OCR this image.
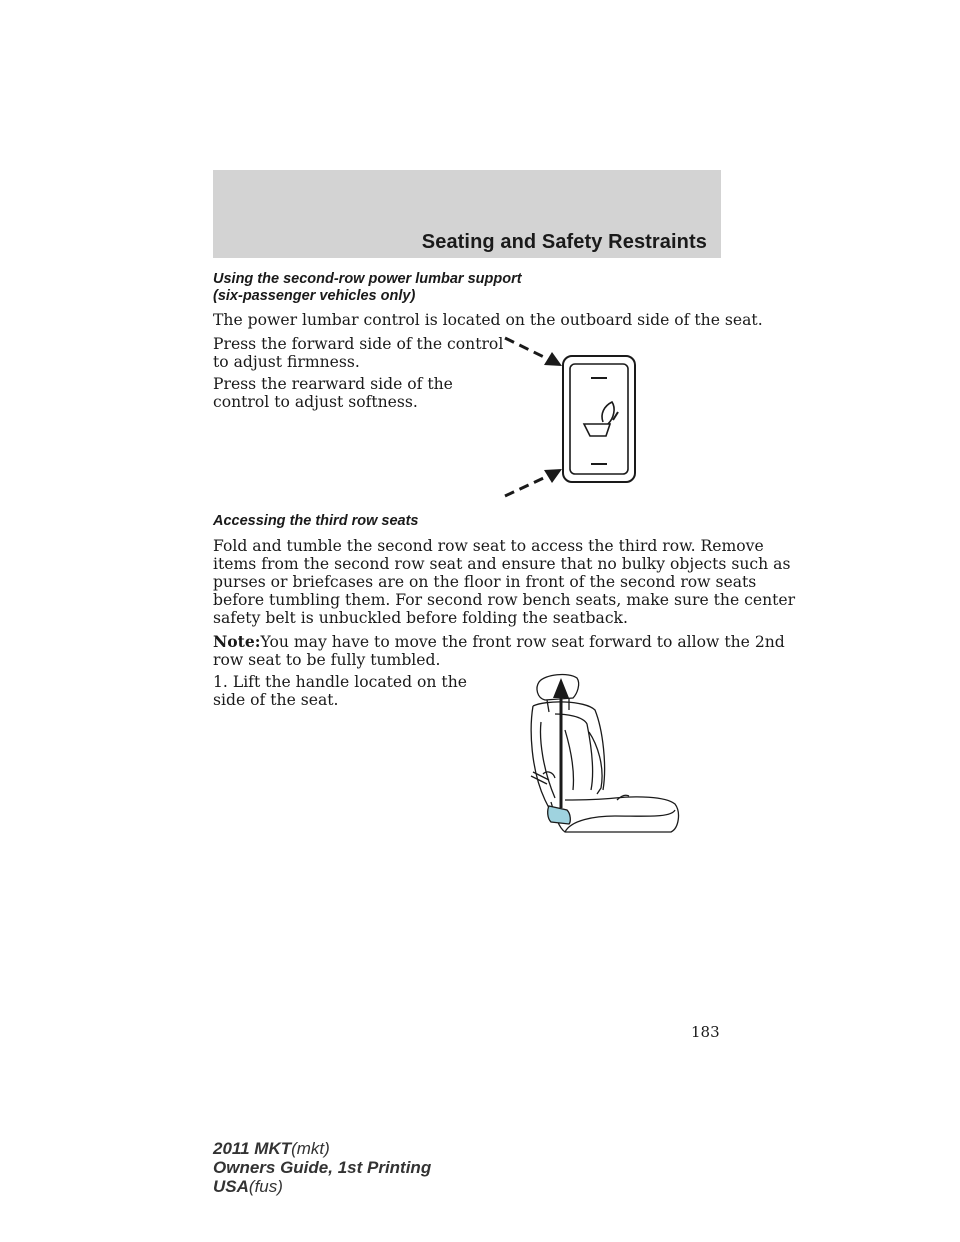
Seating and Safety Restraints
Using the second-row power lumbar support
(six-passenger vehicles only)
The power lumbar control is located on the outboard side of the seat.
Press the forward side of the control
to adjust firmness.
Press the rearward side of the
control to adjust softness.
Accessing the third row seats
Fold and tumble the second row seat to access the third row. Remove
items from the second row seat and ensure that no bulky objects such as
purses or briefcases are on the floor in front of the second row seats
before tumbling them. For second row bench seats, make sure the center
safety belt is unbuckled before folding the seatback.
Note:You may have to move the front row seat forward to allow the 2nd
row seat to be fully tumbled.
1. Lift the handle located on the
side of the seat.
183
2011 MKT(mkt)
Owners Guide, 1st Printing
USA(fus)
